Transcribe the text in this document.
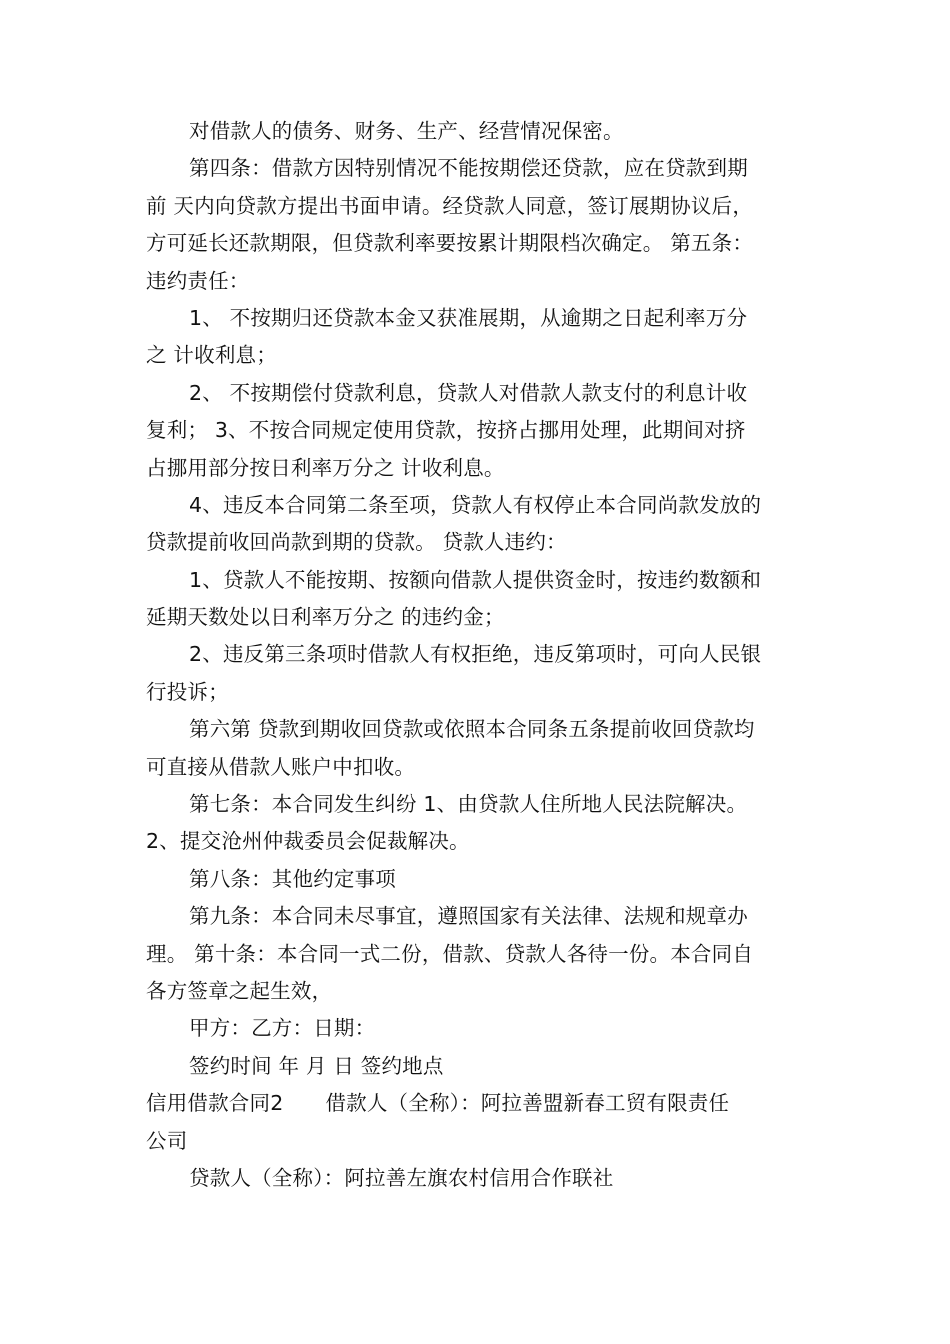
对借款人的债务、财务、生产、经营情况保密。
第四条：借款方因特别情况不能按期偿还贷款，应在贷款到期
前 天内向贷款方提出书面申请。经贷款人同意，签订展期协议后，
方可延长还款期限，但贷款利率要按累计期限档次确定。 第五条：
违约责任：
1、 不按期归还贷款本金又获准展期，从逾期之日起利率万分
之 计收利息；
2、 不按期偿付贷款利息，贷款人对借款人款支付的利息计收
复利； 3、不按合同规定使用贷款，按挤占挪用处理，此期间对挤
占挪用部分按日利率万分之 计收利息。
4、违反本合同第二条至项，贷款人有权停止本合同尚款发放的
贷款提前收回尚款到期的贷款。 贷款人违约：
1、贷款人不能按期、按额向借款人提供资金时，按违约数额和
延期天数处以日利率万分之 的违约金；
2、违反第三条项时借款人有权拒绝，违反第项时，可向人民银
行投诉；
第六第 贷款到期收回贷款或依照本合同条五条提前收回贷款均
可直接从借款人账户中扣收。
第七条：本合同发生纠纷 1、由贷款人住所地人民法院解决。
2、提交沧州仲裁委员会促裁解决。
第八条：其他约定事项
第九条：本合同未尽事宜，遵照国家有关法律、法规和规章办
理。 第十条：本合同一式二份，借款、贷款人各待一份。本合同自
各方签章之起生效，
甲方：乙方：日期：
签约时间 年 月 日 签约地点
信用借款合同2 借款人（全称）：阿拉善盟新春工贸有限责任
公司
贷款人（全称）：阿拉善左旗农村信用合作联社
